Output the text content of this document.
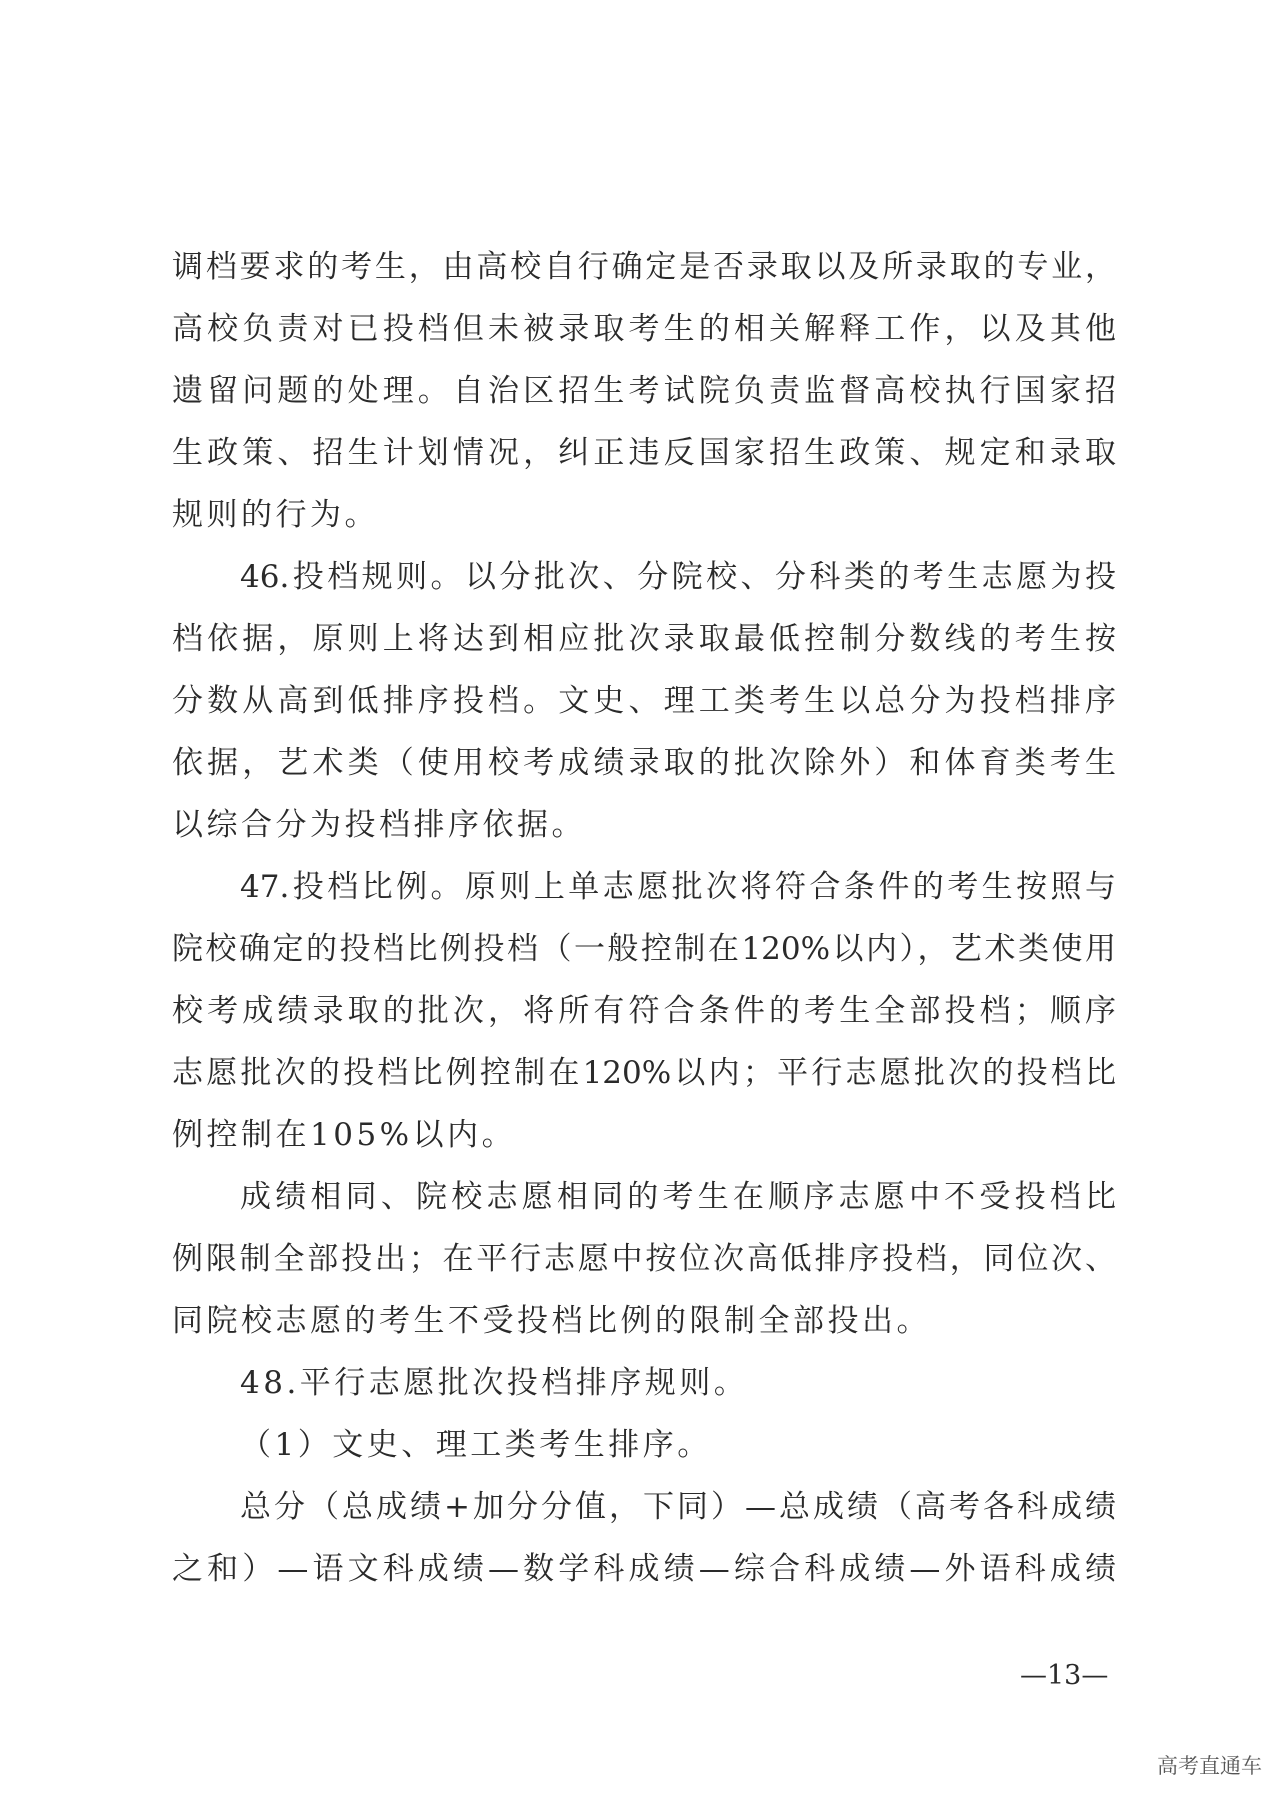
调档要求的考生，由高校自行确定是否录取以及所录取的专业，
高校负责对已投档但未被录取考生的相关解释工作，以及其他
遗留问题的处理。自治区招生考试院负责监督高校执行国家招
生政策、招生计划情况，纠正违反国家招生政策、规定和录取
规则的行为。
46.投档规则。以分批次、分院校、分科类的考生志愿为投
档依据，原则上将达到相应批次录取最低控制分数线的考生按
分数从高到低排序投档。文史、理工类考生以总分为投档排序
依据，艺术类（使用校考成绩录取的批次除外）和体育类考生
以综合分为投档排序依据。
47.投档比例。原则上单志愿批次将符合条件的考生按照与
院校确定的投档比例投档（一般控制在120%以内），艺术类使用
校考成绩录取的批次，将所有符合条件的考生全部投档；顺序
志愿批次的投档比例控制在120%以内；平行志愿批次的投档比
例控制在105%以内。
成绩相同、院校志愿相同的考生在顺序志愿中不受投档比
例限制全部投出；在平行志愿中按位次高低排序投档，同位次、
同院校志愿的考生不受投档比例的限制全部投出。
48.平行志愿批次投档排序规则。
（1）文史、理工类考生排序。
总分（总成绩+加分分值，下同）—总成绩（高考各科成绩
之和）—语文科成绩—数学科成绩—综合科成绩—外语科成绩
—13—
高考直通车
